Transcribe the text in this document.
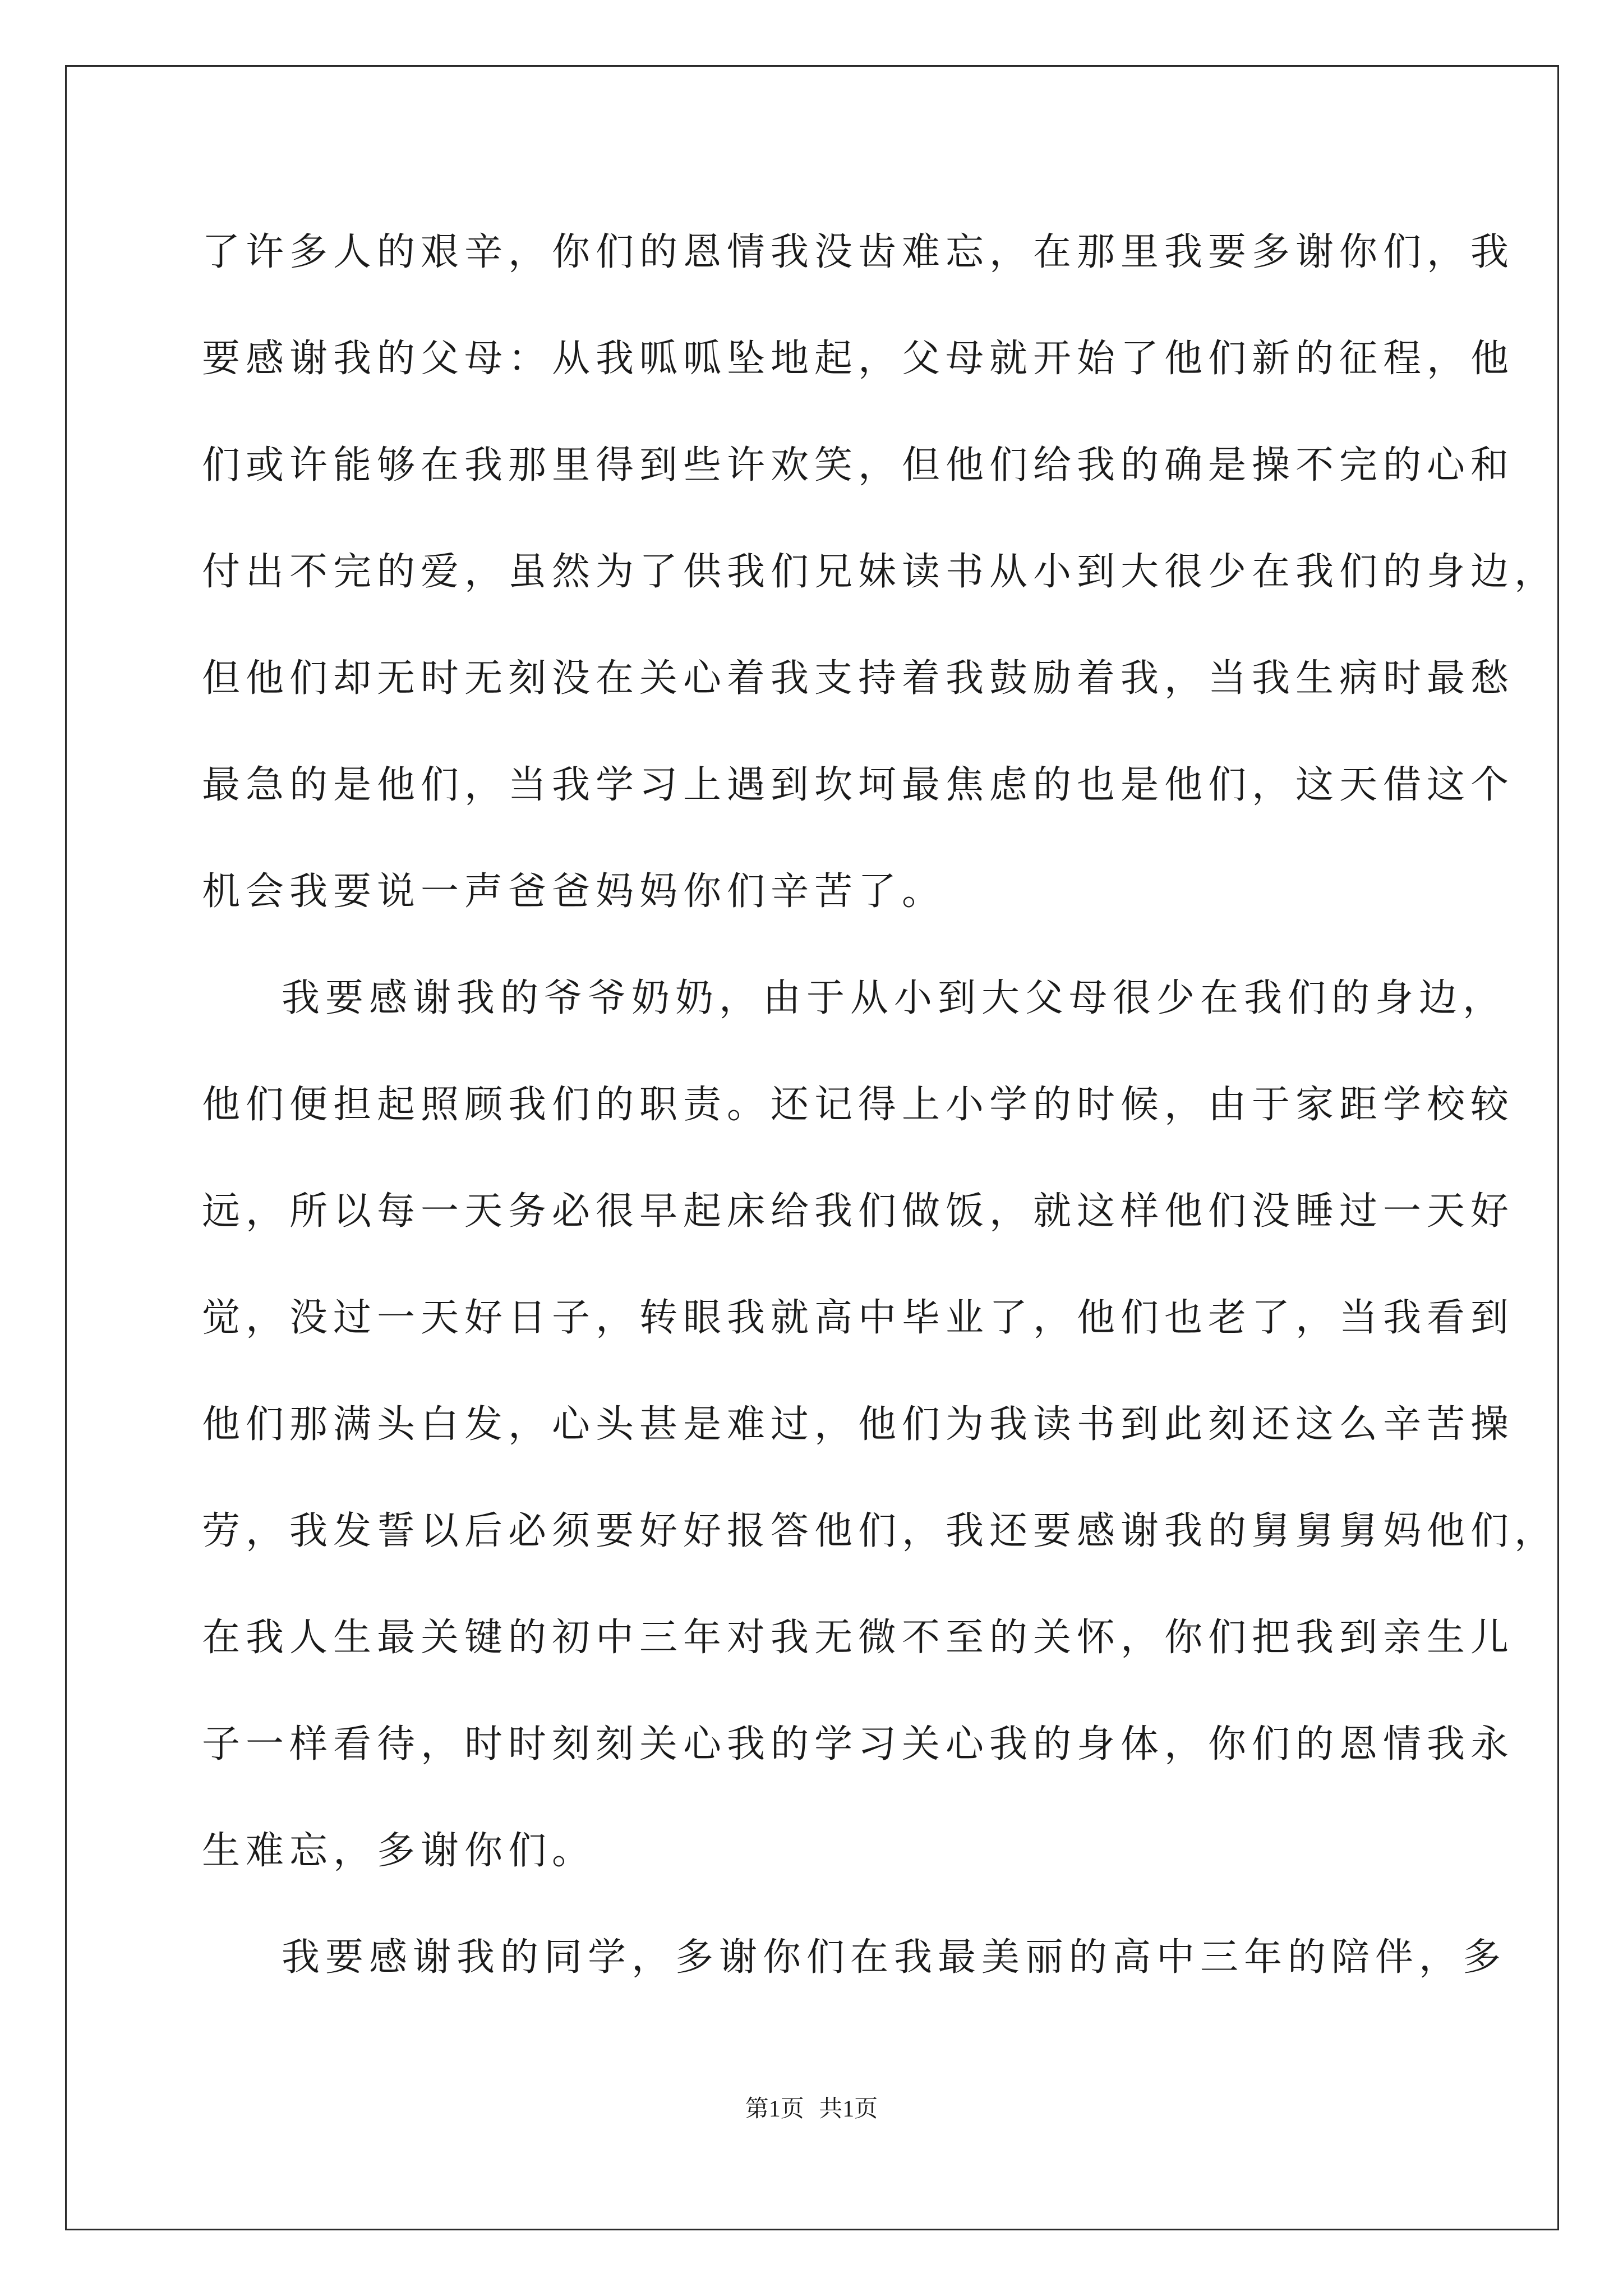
了许多人的艰辛，你们的恩情我没齿难忘，在那里我要多谢你们，我
要感谢我的父母：从我呱呱坠地起，父母就开始了他们新的征程，他
们或许能够在我那里得到些许欢笑，但他们给我的确是操不完的心和
付出不完的爱，虽然为了供我们兄妹读书从小到大很少在我们的身边，
但他们却无时无刻没在关心着我支持着我鼓励着我，当我生病时最愁
最急的是他们，当我学习上遇到坎坷最焦虑的也是他们，这天借这个
机会我要说一声爸爸妈妈你们辛苦了。
我要感谢我的爷爷奶奶，由于从小到大父母很少在我们的身边，
他们便担起照顾我们的职责。还记得上小学的时候，由于家距学校较
远，所以每一天务必很早起床给我们做饭，就这样他们没睡过一天好
觉，没过一天好日子，转眼我就高中毕业了，他们也老了，当我看到
他们那满头白发，心头甚是难过，他们为我读书到此刻还这么辛苦操
劳，我发誓以后必须要好好报答他们，我还要感谢我的舅舅舅妈他们，
在我人生最关键的初中三年对我无微不至的关怀，你们把我到亲生儿
子一样看待，时时刻刻关心我的学习关心我的身体，你们的恩情我永
生难忘，多谢你们。
我要感谢我的同学，多谢你们在我最美丽的高中三年的陪伴，多
第1页 共1页
